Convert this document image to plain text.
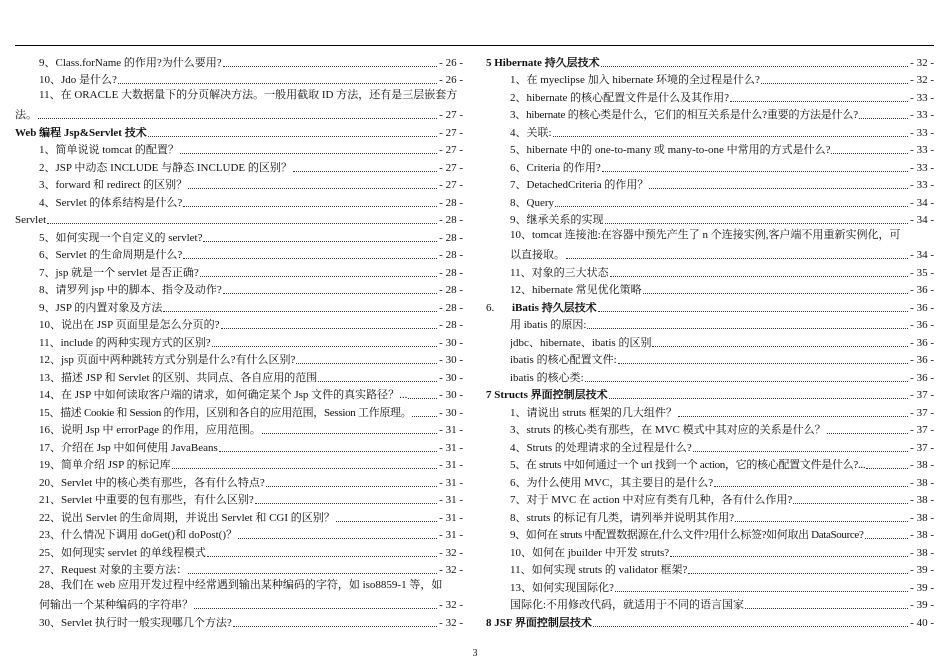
9、Class.forName 的作用?为什么要用?	- 26 -
10、Jdo 是什么?	- 26 -
11、在 ORACLE 大数据量下的分页解决方法。一般用截取 ID 方法，还有是三层嵌套方
法。	- 27 -
Web 编程 Jsp&Servlet 技术	- 27 -
1、简单说说 tomcat 的配置？	- 27 -
2、JSP 中动态 INCLUDE 与静态 INCLUDE 的区别？	- 27 -
3、forward 和 redirect 的区别？	- 27 -
4、Servlet 的体系结构是什么?	- 28 -
Servlet	- 28 -
5、如何实现一个自定义的 servlet?	- 28 -
6、Servlet 的生命周期是什么?	- 28 -
7、jsp 就是一个 servlet 是否正确?	- 28 -
8、请罗列 jsp 中的脚本、指令及动作?	- 28 -
9、JSP 的内置对象及方法	- 28 -
10、说出在 JSP 页面里是怎么分页的?	- 28 -
11、include 的两种实现方式的区别?	- 30 -
12、jsp 页面中两种跳转方式分别是什么?有什么区别?	- 30 -
13、描述 JSP 和 Servlet 的区别、共同点、各自应用的范围	- 30 -
14、在 JSP 中如何读取客户端的请求，如何确定某个 Jsp 文件的真实路径？...	- 30 -
15、描述 Cookie 和 Session 的作用，区别和各自的应用范围，Session 工作原理。	- 30 -
16、说明 Jsp 中 errorPage 的作用，应用范围。	- 31 -
17、介绍在 Jsp 中如何使用 JavaBeans	- 31 -
19、简单介绍 JSP 的标记库	- 31 -
20、Servlet 中的核心类有那些，各有什么特点?	- 31 -
21、Servlet 中重要的包有那些，有什么区别?	- 31 -
22、说出 Servlet 的生命周期，并说出 Servlet 和 CGI 的区别？	- 31 -
23、什么情况下调用 doGet()和 doPost()？	- 31 -
25、如何现实 servlet 的单线程模式	- 32 -
27、Request 对象的主要方法：	- 32 -
28、我们在 web 应用开发过程中经常遇到输出某种编码的字符，如 iso8859-1 等，如
何输出一个某种编码的字符串？	- 32 -
30、Servlet 执行时一般实现哪几个方法?	- 32 -
5 Hibernate 持久层技术	- 32 -
1、在 myeclipse 加入 hibernate 环境的全过程是什么?	- 32 -
2、hibernate 的核心配置文件是什么及其作用?	- 33 -
3、hibernate 的核心类是什么，它们的相互关系是什么?重要的方法是什么?	- 33 -
4、关联:	- 33 -
5、hibernate 中的 one-to-many 或 many-to-one 中常用的方式是什么?	- 33 -
6、Criteria 的作用?	- 33 -
7、DetachedCriteria 的作用？	- 33 -
8、Query	- 34 -
9、继承关系的实现	- 34 -
10、tomcat 连接池:在容器中预先产生了 n 个连接实例,客户端不用重新实例化，可
以直接取。	- 34 -
11、对象的三大状态	- 35 -
12、hibernate 常见优化策略	- 36 -
6.	iBatis 持久层技术	- 36 -
用 ibatis 的原因:	- 36 -
jdbc、hibernate、ibatis 的区别	- 36 -
ibatis 的核心配置文件:	- 36 -
ibatis 的核心类:	- 36 -
7 Structs 界面控制层技术	- 37 -
1、请说出 struts 框架的几大组件？	- 37 -
3、struts 的核心类有那些，在 MVC 模式中其对应的关系是什么？	- 37 -
4、Struts 的处理请求的全过程是什么?	- 37 -
5、在 struts 中如何通过一个 url 找到一个 action，它的核心配置文件是什么?...	- 38 -
6、为什么使用 MVC，其主要目的是什么?	- 38 -
7、对于 MVC 在 action 中对应有类有几种，各有什么作用?	- 38 -
8、struts 的标记有几类，请列举并说明其作用?	- 38 -
9、如何在 struts 中配置数据源在,什么文件?用什么标签?如何取出 DataSource?	- 38 -
10、如何在 jbuilder 中开发 struts?	- 38 -
11、如何实现 struts 的 validator 框架?	- 39 -
13、如何实现国际化?	- 39 -
国际化:不用修改代码，就适用于不同的语言国家	- 39 -
8 JSF 界面控制层技术	- 40 -
3
